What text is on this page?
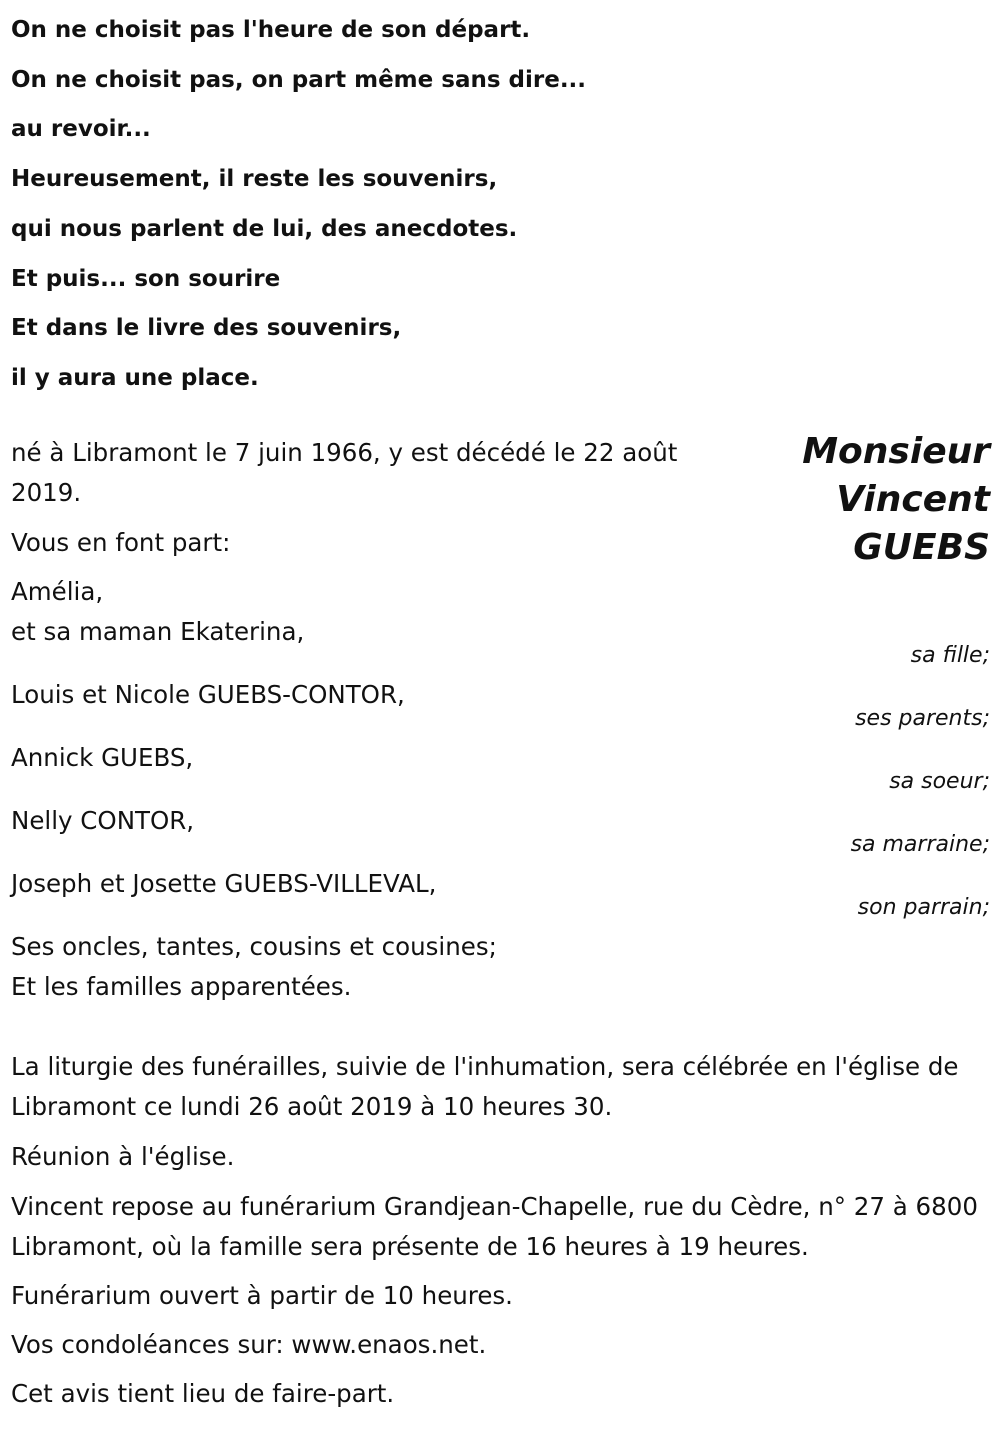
On ne choisit pas l'heure de son départ.
On ne choisit pas, on part même sans dire...
au revoir...
Heureusement, il reste les souvenirs,
qui nous parlent de lui, des anecdotes.
Et puis... son sourire
Et dans le livre des souvenirs,
il y aura une place.
Monsieur
Vincent
GUEBS
né à Libramont le 7 juin 1966, y est décédé le 22 août 2019.
Vous en font part:
Amélia,
et sa maman Ekaterina,
sa fille;
Louis et Nicole GUEBS-CONTOR,
ses parents;
Annick GUEBS,
sa soeur;
Nelly CONTOR,
sa marraine;
Joseph et Josette GUEBS-VILLEVAL,
son parrain;
Ses oncles, tantes, cousins et cousines;
Et les familles apparentées.
La liturgie des funérailles, suivie de l'inhumation, sera célébrée en l'église de Libramont ce lundi 26 août 2019 à 10 heures 30.
Réunion à l'église.
Vincent repose au funérarium Grandjean-Chapelle, rue du Cèdre, n° 27 à 6800 Libramont, où la famille sera présente de 16 heures à 19 heures.
Funérarium ouvert à partir de 10 heures.
Vos condoléances sur: www.enaos.net.
Cet avis tient lieu de faire-part.
